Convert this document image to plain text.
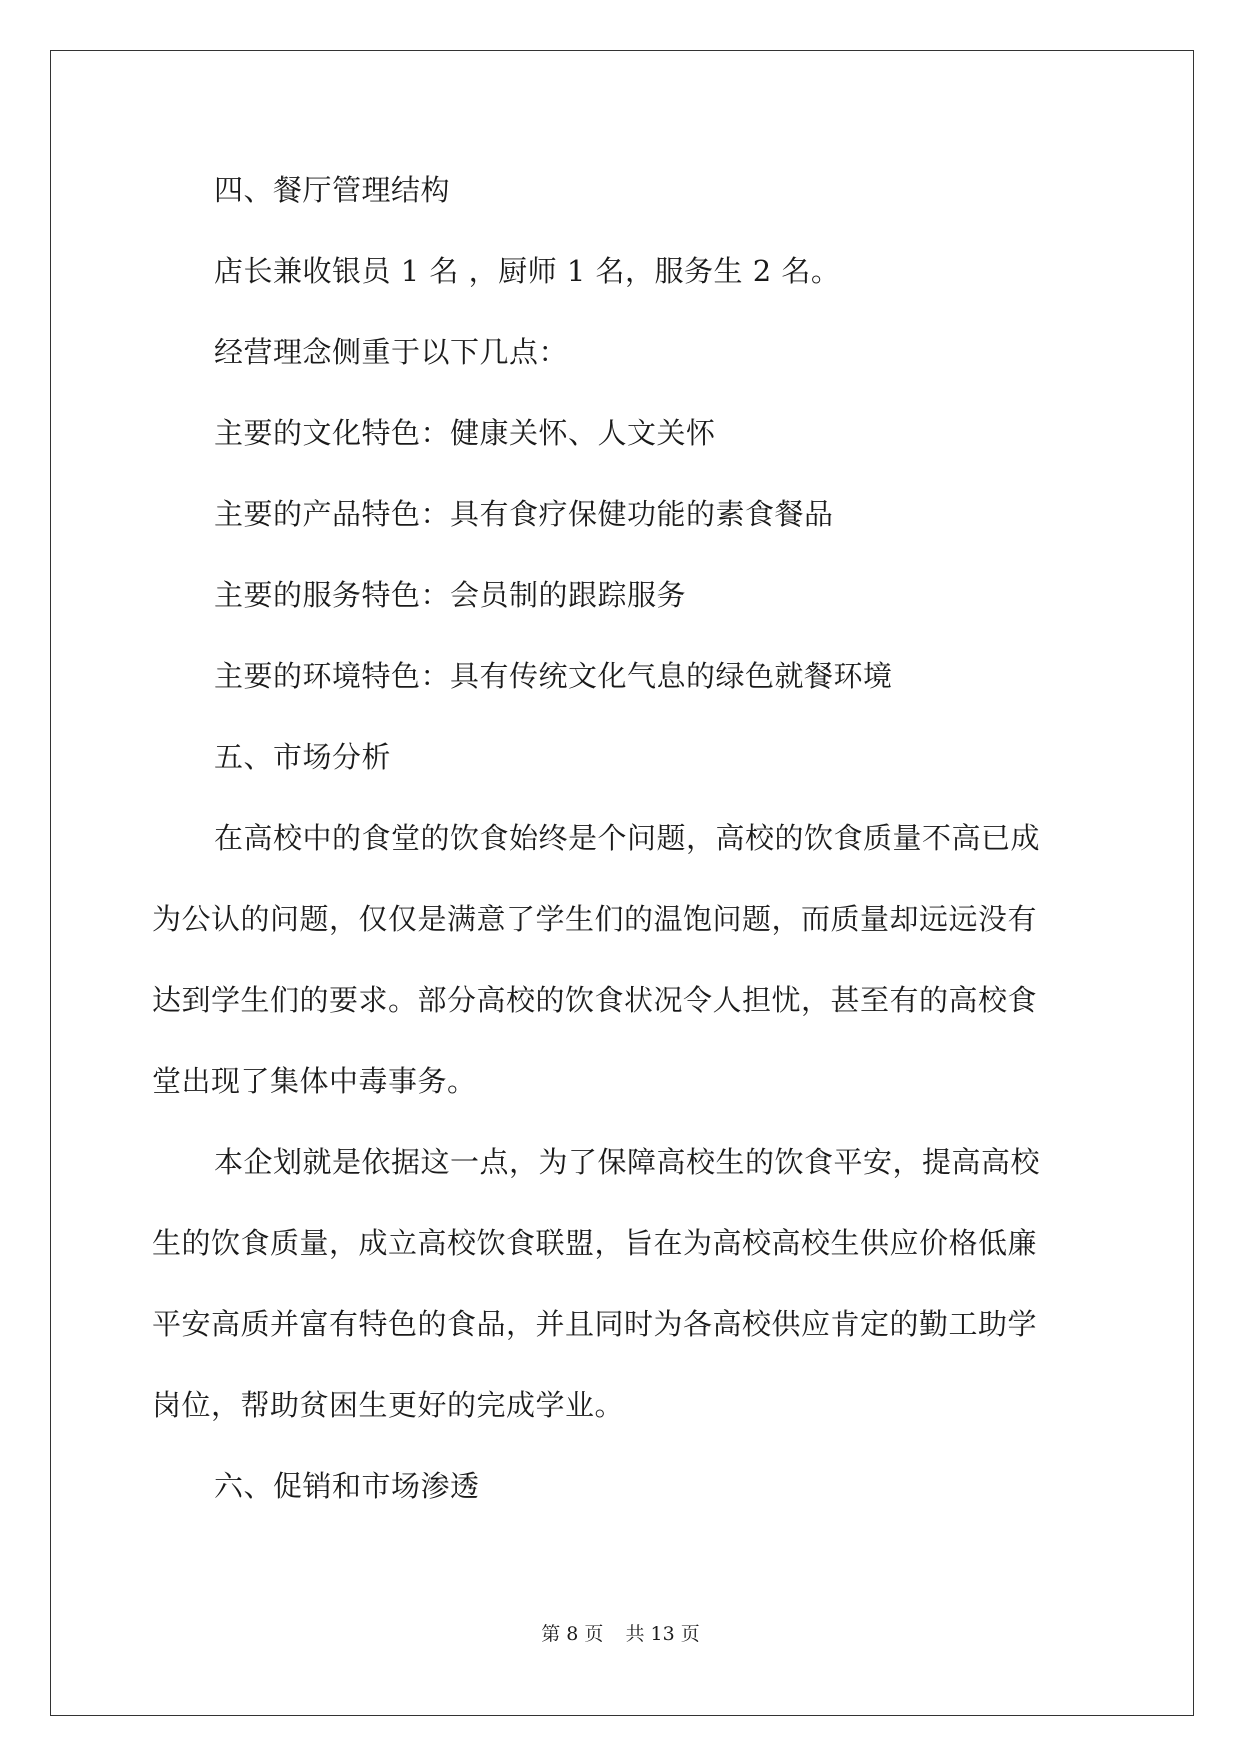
四、餐厅管理结构
店长兼收银员 1 名 ，厨师 1 名，服务生 2 名。
经营理念侧重于以下几点：
主要的文化特色：健康关怀、人文关怀
主要的产品特色：具有食疗保健功能的素食餐品
主要的服务特色：会员制的跟踪服务
主要的环境特色：具有传统文化气息的绿色就餐环境
五、市场分析
在高校中的食堂的饮食始终是个问题，高校的饮食质量不高已成
为公认的问题，仅仅是满意了学生们的温饱问题，而质量却远远没有
达到学生们的要求。部分高校的饮食状况令人担忧，甚至有的高校食
堂出现了集体中毒事务。
本企划就是依据这一点，为了保障高校生的饮食平安，提高高校
生的饮食质量，成立高校饮食联盟，旨在为高校高校生供应价格低廉
平安高质并富有特色的食品，并且同时为各高校供应肯定的勤工助学
岗位，帮助贫困生更好的完成学业。
六、促销和市场渗透
第 8 页 共 13 页
